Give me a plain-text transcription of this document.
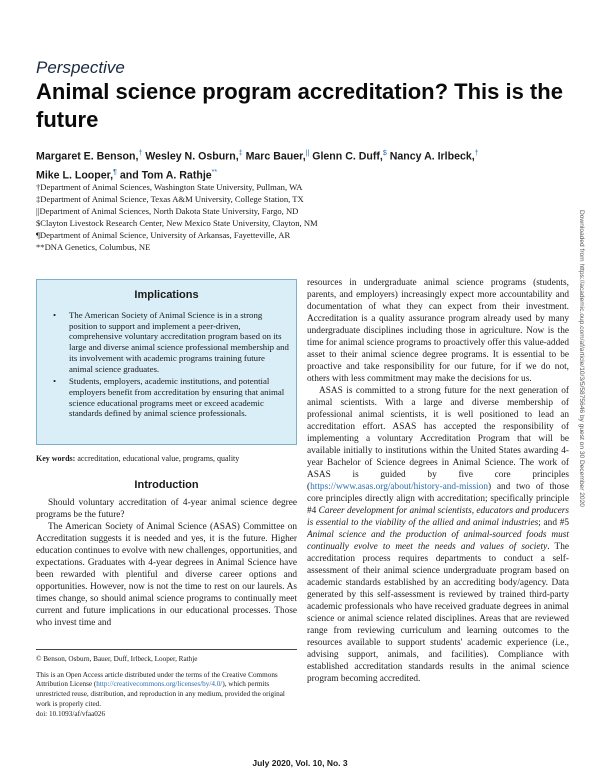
Perspective
Animal science program accreditation? This is the future
Margaret E. Benson,† Wesley N. Osburn,‡ Marc Bauer,|| Glenn C. Duff,$ Nancy A. Irlbeck,†
Mike L. Looper,¶ and Tom A. Rathje**
†Department of Animal Sciences, Washington State University, Pullman, WA
‡Department of Animal Science, Texas A&M University, College Station, TX
||Department of Animal Sciences, North Dakota State University, Fargo, ND
$Clayton Livestock Research Center, New Mexico State University, Clayton, NM
¶Department of Animal Science, University of Arkansas, Fayetteville, AR
**DNA Genetics, Columbus, NE	Downloaded from https://academic.oup.com/af/article/10/3/5/5875646 by guest on 30 December 2020
Implications
• The American Society of Animal Science is in a strong position to support and implement a peer-driven, comprehensive voluntary accreditation program based on its large and diverse animal science professional membership and its involvement with academic programs training future animal science graduates.
• Students, employers, academic institutions, and potential employers benefit from accreditation by ensuring that animal science educational programs meet or exceed academic standards defined by animal science professionals.
Key words: accreditation, educational value, programs, quality
Introduction

Should voluntary accreditation of 4-year animal science degree programs be the future?

The American Society of Animal Science (ASAS) Committee on Accreditation suggests it is needed and yes, it is the future. Higher education continues to evolve with new challenges, opportunities, and expectations. Graduates with 4-year degrees in Animal Science have been rewarded with plentiful and diverse career options and opportunities. However, now is not the time to rest on our laurels. As times change, so should animal science programs to continually meet current and future implications in our educational processes. Those who invest time and

© Benson, Osburn, Bauer, Duff, Irlbeck, Looper, Rathje
This is an Open Access article distributed under the terms of the Creative Commons Attribution License (http://creativecommons.org/licenses/by/4.0/), which permits unrestricted reuse, distribution, and reproduction in any medium, provided the original work is properly cited.
doi: 10.1093/af/vfaa026

resources in undergraduate animal science programs (students, parents, and employers) increasingly expect more accountability and documentation of what they can expect from their investment. Accreditation is a quality assurance program already used by many undergraduate disciplines including those in agriculture. Now is the time for animal science programs to proactively offer this value-added asset to their animal science degree programs. It is essential to be proactive and take responsibility for our future, for if we do not, others with less commitment may make the decisions for us.

ASAS is committed to a strong future for the next generation of animal scientists. With a large and diverse membership of professional animal scientists, it is well positioned to lead an accreditation effort. ASAS has accepted the responsibility of implementing a voluntary Accreditation Program that will be available initially to institutions within the United States awarding 4-year Bachelor of Science degrees in Animal Science. The work of ASAS is guided by five core principles (https://www.asas.org/about/history-and-mission) and two of those core principles directly align with accreditation; specifically principle #4 Career development for animal scientists, educators and producers is essential to the viability of the allied and animal industries; and #5 Animal science and the production of animal-sourced foods must continually evolve to meet the needs and values of society. The accreditation process requires departments to conduct a self-assessment of their animal science undergraduate program based on academic standards established by an accrediting body/agency. Data generated by this self-assessment is reviewed by trained third-party academic professionals who have received graduate degrees in animal science or animal science related disciplines. Areas that are reviewed range from reviewing curriculum and learning outcomes to the resources available to support students' academic experience (i.e., advising support, animals, and facilities). Compliance with established accreditation standards results in the animal science program becoming accredited.

July 2020, Vol. 10, No. 3
